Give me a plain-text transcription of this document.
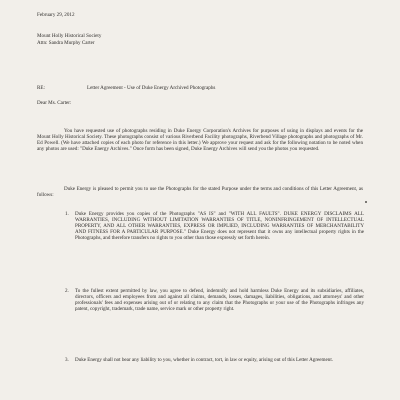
February 29, 2012

Mount Holly Historical Society

Attn: Sandra Murphy Carter

RE:	Letter Agreement - Use of Duke Energy Archived Photographs

Dear Ms. Carter:

You have requested use of photographs residing in Duke Energy Corporation's Archives for purposes of using in displays and events for the Mount Holly Historical Society. These photographs consist of various Riverbend Facility photographs, Riverbend Village photographs and photographs of Mr. Ed Powell. (We have attached copies of each photo for reference in this letter.) We approve your request and ask for the following notation to be noted when any photos are used: "Duke Energy Archives." Once form has been signed, Duke Energy Archives will send you the photos you requested.

Duke Energy is pleased to permit you to use the Photographs for the stated Purpose under the terms and conditions of this Letter Agreement, as follows:

1. Duke Energy provides you copies of the Photographs "AS IS" and "WITH ALL FAULTS". DUKE ENERGY DISCLAIMS ALL WARRANTIES, INCLUDING WITHOUT LIMITATION WARRANTIES OF TITLE, NONINFRINGEMENT OF INTELLECTUAL PROPERTY, AND ALL OTHER WARRANTIES, EXPRESS OR IMPLIED, INCLUDING WARRANTIES OF MERCHANTABILITY AND FITNESS FOR A PARTICULAR PURPOSE." Duke Energy does not represent that it owns any intellectual property rights in the Photographs, and therefore transfers no rights to you other than those expressly set forth herein.

2. To the fullest extent permitted by law, you agree to defend, indemnify and hold harmless Duke Energy and its subsidiaries, affiliates, directors, officers and employees from and against all claims, demands, losses, damages, liabilities, obligations, and attorneys' and other professionals' fees and expenses arising out of or relating to any claim that the Photographs or your use of the Photographs infringes any patent, copyright, trademark, trade name, service mark or other property right.

3. Duke Energy shall not bear any liability to you, whether in contract, tort, in law or equity, arising out of this Letter Agreement.
